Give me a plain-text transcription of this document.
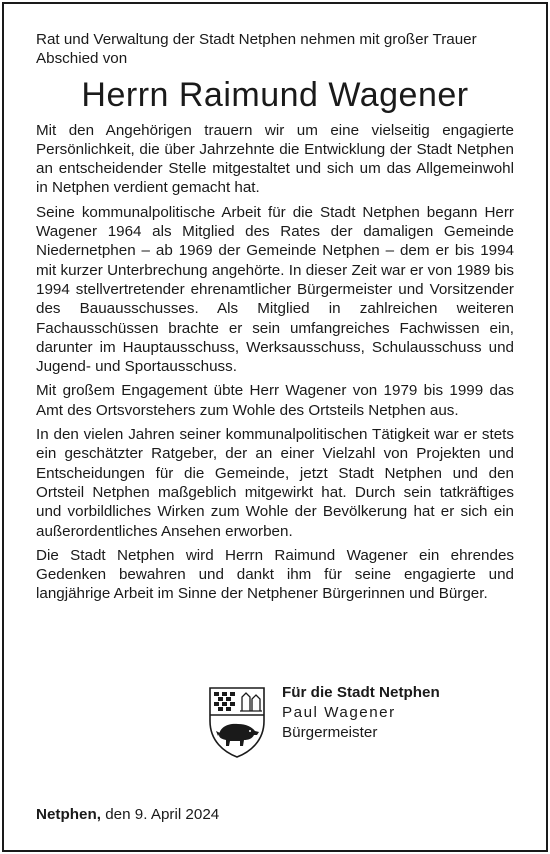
Rat und Verwaltung der Stadt Netphen nehmen mit großer Trauer Abschied von

Herrn Raimund Wagener

Mit den Angehörigen trauern wir um eine vielseitig engagierte Persönlichkeit, die über Jahrzehnte die Entwicklung der Stadt Netphen an entscheidender Stelle mitgestaltet und sich um das Allgemeinwohl in Netphen verdient gemacht hat.

Seine kommunalpolitische Arbeit für die Stadt Netphen begann Herr Wagener 1964 als Mitglied des Rates der damaligen Gemeinde Niedernetphen – ab 1969 der Gemeinde Netphen – dem er bis 1994 mit kurzer Unterbrechung angehörte. In dieser Zeit war er von 1989 bis 1994 stellvertretender ehrenamtlicher Bürgermeister und Vorsitzender des Bauausschusses. Als Mitglied in zahlreichen weiteren Fachausschüssen brachte er sein umfangreiches Fachwissen ein, darunter im Hauptausschuss, Werksausschuss, Schulausschuss und Jugend- und Sportausschuss.

Mit großem Engagement übte Herr Wagener von 1979 bis 1999 das Amt des Ortsvorstehers zum Wohle des Ortsteils Netphen aus.

In den vielen Jahren seiner kommunalpolitischen Tätigkeit war er stets ein geschätzter Ratgeber, der an einer Vielzahl von Projekten und Entscheidungen für die Gemeinde, jetzt Stadt Netphen und den Ortsteil Netphen maßgeblich mitgewirkt hat. Durch sein tatkräftiges und vorbildliches Wirken zum Wohle der Bevölkerung hat er sich ein außerordentliches Ansehen erworben.

Die Stadt Netphen wird Herrn Raimund Wagener ein ehrendes Gedenken bewahren und dankt ihm für seine engagierte und langjährige Arbeit im Sinne der Netphener Bürgerinnen und Bürger.

Für die Stadt Netphen
Paul Wagener
Bürgermeister
Netphen, den 9. April 2024
